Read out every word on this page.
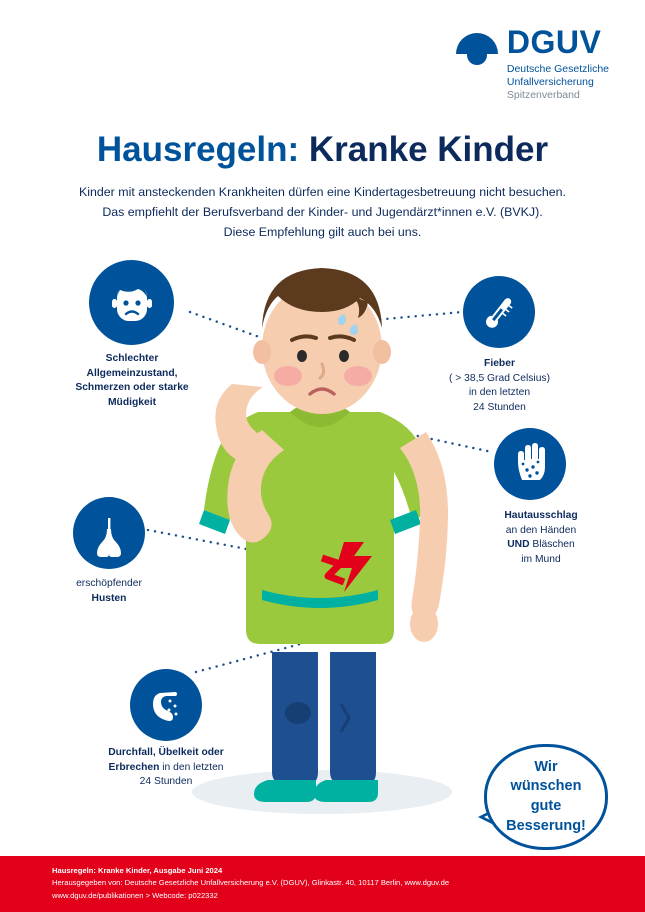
DGUV
Deutsche Gesetzliche
Unfallversicherung
Spitzenverband
Hausregeln: Kranke Kinder
Kinder mit ansteckenden Krankheiten dürfen eine Kindertagesbetreuung nicht besuchen.
Das empfiehlt der Berufsverband der Kinder- und Jugendärzt*innen e.V. (BVKJ).
Diese Empfehlung gilt auch bei uns.
Schlechter
Allgemeinzustand,
Schmerzen oder starke
Müdigkeit
Fieber
( > 38,5 Grad Celsius)
in den letzten
24 Stunden
Hautausschlag
an den Händen
UND Bläschen
im Mund
erschöpfender
Husten
Durchfall, Übelkeit oder
Erbrechen in den letzten
24 Stunden
Wir
wünschen
gute
Besserung!
Hausregeln: Kranke Kinder, Ausgabe Juni 2024
Herausgegeben von: Deutsche Gesetzliche Unfallversicherung e.V. (DGUV), Glinkastr. 40, 10117 Berlin, www.dguv.de
www.dguv.de/publikationen > Webcode: p022332
